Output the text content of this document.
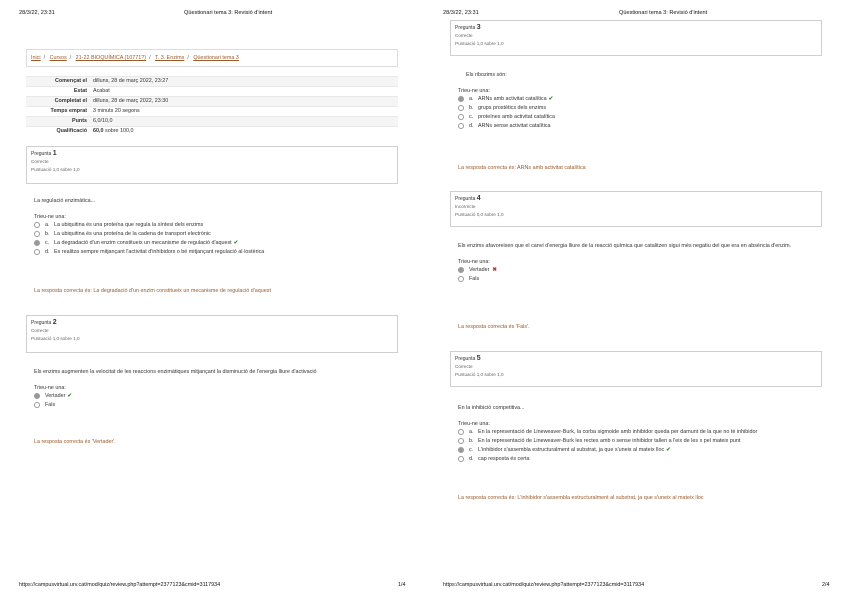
28/3/22, 23:31	Qüestionari tema 3: Revisió d'intent
Inici / Cursos / 21-22 BIOQUÍMICA (10771?) / T. 3. Enzims / Qüestionari tema 3
Començat el	dilluns, 28 de març 2022, 23:27
Estat	Acabat
Completat el	dilluns, 28 de març 2022, 23:30
Temps emprat	3 minuts 20 segons
Punts	6,0/10,0
Qualificació	60,0 sobre 100,0
Pregunta 1
Correcte
Puntuació 1,0 sobre 1,0
La regulació enzimàtica...
Trieu-ne una:
a. La ubiquitina és una proteïna que regula la síntesi dels enzims
b. La ubiquitina és una proteïna de la cadena de transport electrònic
c. La degradació d'un enzim constitueix un mecanisme de regulació d'aquest ✔
d. Es realitza sempre mitjançant l'activitat d'inhibidors o bé mitjançant regulació al·lostèrica
La resposta correcta és: La degradació d'un enzim constitueix un mecanisme de regulació d'aquest
Pregunta 2
Correcte
Puntuació 1,0 sobre 1,0
Els enzims augmenten la velocitat de les reaccions enzimàtiques mitjançant la disminució de l'energia lliure d'activació
Trieu-ne una:
Vertader ✔
Fals
La resposta correcta és 'Vertader'.
https://campusvirtual.urv.cat/mod/quiz/review.php?attempt=2377123&cmid=3117934	1/4
28/3/22, 23:31	Qüestionari tema 3: Revisió d'intent
Pregunta 3
Correcte
Puntuació 1,0 sobre 1,0
Els ribozims són:
Trieu-ne una:
a. ARNs amb activitat catalítica ✔
b. grups prostètics dels enzims
c. proteïnes amb activitat catalítica
d. ARNs sense activitat catalítica
La resposta correcta és: ARNs amb activitat catalítica
Pregunta 4
Incorrecte
Puntuació 0,0 sobre 1,0
Els enzims afavoreixen que el canvi d'energia lliure de la reacció química que catalitzen sigui més negatiu del que era en absència d'enzim.
Trieu-ne una:
Vertader ✖
Fals
La resposta correcta és 'Fals'.
Pregunta 5
Correcte
Puntuació 1,0 sobre 1,0
En la inhibició competitiva...
Trieu-ne una:
a. En la representació de Lineweaver-Burk, la corba sigmoide amb inhibidor queda per damunt de la que no té inhibidor
b. En la representació de Lineweaver-Burk les rectes amb o sense inhibidor tallen a l'eix de les x pel mateix punt
c. L'inhibidor s'assembla estructuralment al substrat, ja que s'uneix al mateix lloc ✔
d. cap resposta és certa
La resposta correcta és: L'inhibidor s'assembla estructuralment al substrat, ja que s'uneix al mateix lloc
https://campusvirtual.urv.cat/mod/quiz/review.php?attempt=2377123&cmid=3117934	2/4
